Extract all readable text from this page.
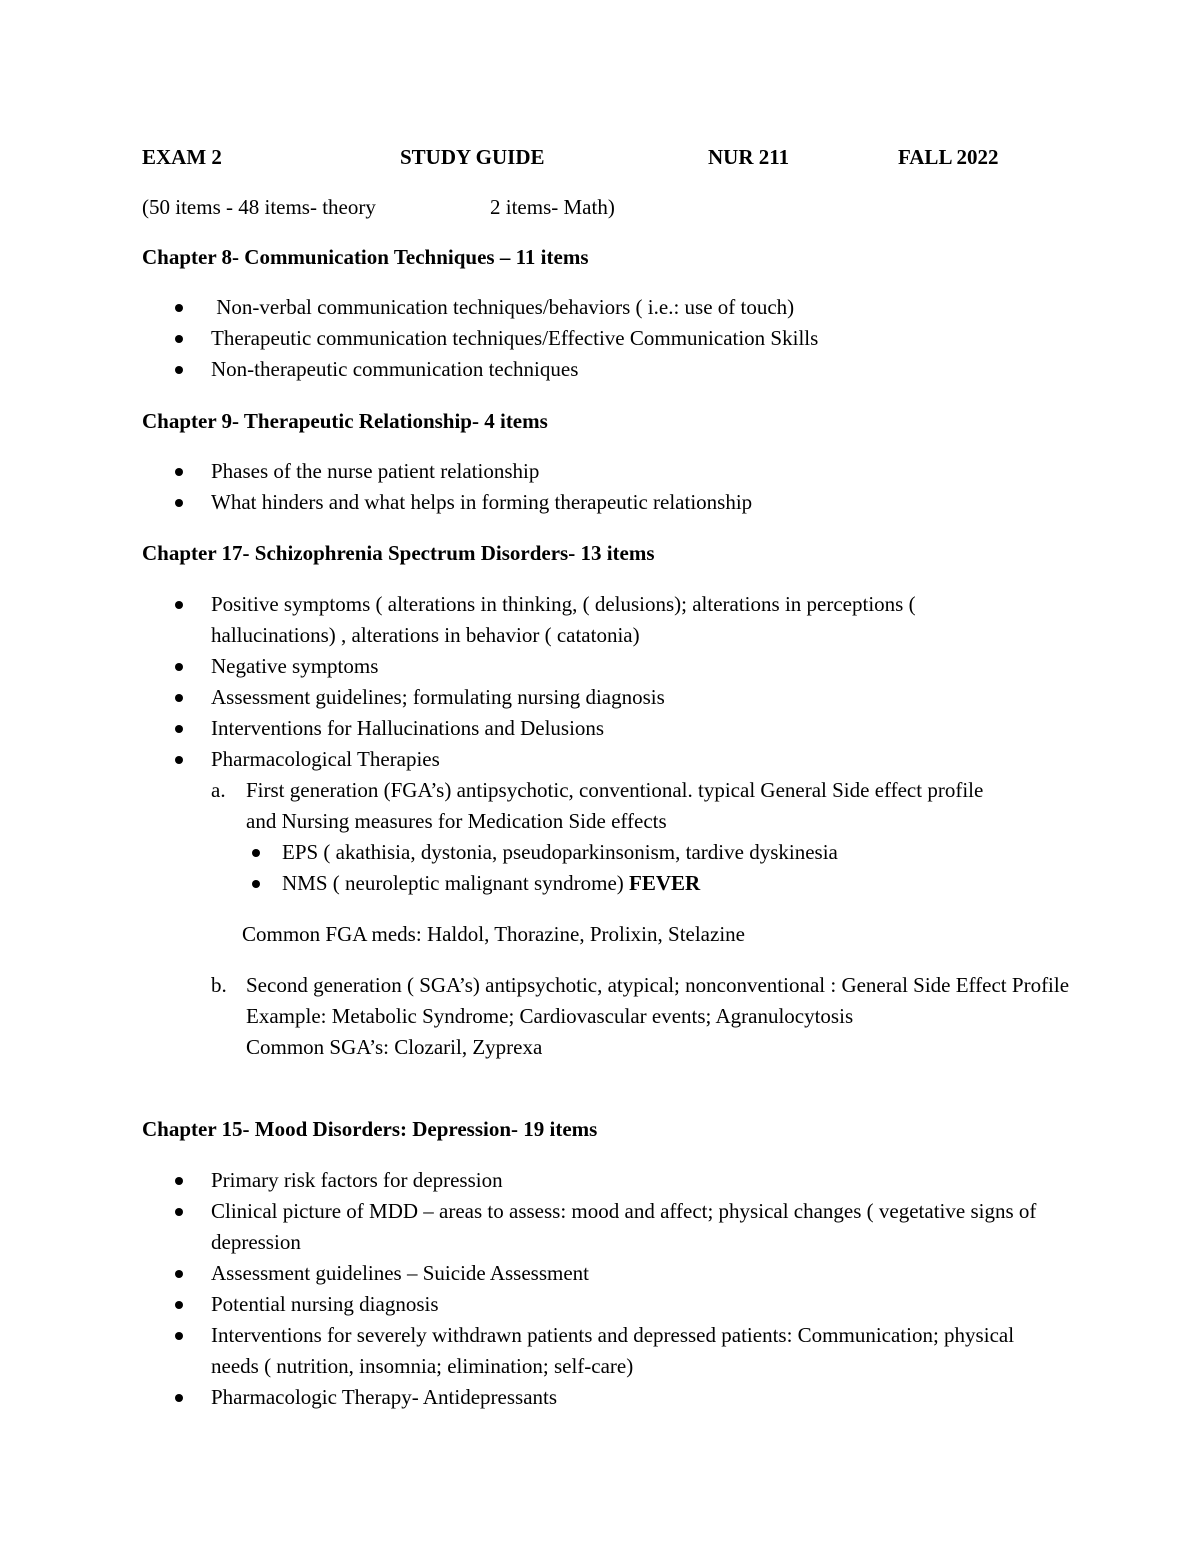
EXAM 2	STUDY GUIDE	NUR 211	FALL 2022
(50 items - 48 items- theory	2 items- Math)
Chapter 8- Communication Techniques – 11 items
Non-verbal communication techniques/behaviors ( i.e.: use of touch)
Therapeutic communication techniques/Effective Communication Skills
Non-therapeutic communication techniques
Chapter 9- Therapeutic Relationship- 4 items
Phases of the nurse patient relationship
What hinders and what helps in forming therapeutic relationship
Chapter 17- Schizophrenia Spectrum Disorders- 13 items
Positive symptoms ( alterations in thinking, ( delusions); alterations in perceptions ( hallucinations) , alterations in behavior ( catatonia)
Negative symptoms
Assessment guidelines; formulating nursing diagnosis
Interventions for Hallucinations and Delusions
Pharmacological Therapies
a. First generation (FGA’s) antipsychotic, conventional. typical General Side effect profile and Nursing measures for Medication Side effects
EPS ( akathisia, dystonia, pseudoparkinsonism, tardive dyskinesia
NMS ( neuroleptic malignant syndrome) FEVER
Common FGA meds: Haldol, Thorazine, Prolixin, Stelazine
b. Second generation ( SGA’s) antipsychotic, atypical; nonconventional : General Side Effect Profile
Example: Metabolic Syndrome; Cardiovascular events; Agranulocytosis
Common SGA’s: Clozaril, Zyprexa
Chapter 15- Mood Disorders: Depression- 19 items
Primary risk factors for depression
Clinical picture of MDD – areas to assess: mood and affect; physical changes ( vegetative signs of depression
Assessment guidelines – Suicide Assessment
Potential nursing diagnosis
Interventions for severely withdrawn patients and depressed patients: Communication; physical needs ( nutrition, insomnia; elimination; self-care)
Pharmacologic Therapy- Antidepressants
